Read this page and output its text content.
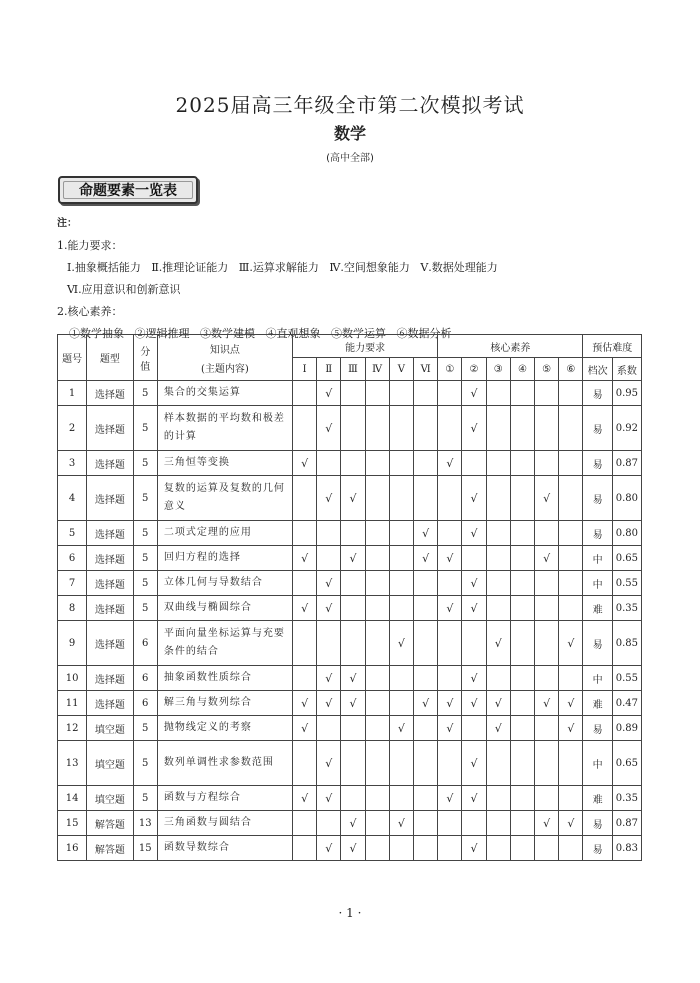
2025届高三年级全市第二次模拟考试
数学
(高中全部)
命题要素一览表
注：
1.能力要求：
Ⅰ.抽象概括能力   Ⅱ.推理论证能力   Ⅲ.运算求解能力   Ⅳ.空间想象能力   Ⅴ.数据处理能力
Ⅵ.应用意识和创新意识
2.核心素养：
①数学抽象   ②逻辑推理   ③数学建模   ④直观想象   ⑤数学运算   ⑥数据分析
题号	题型	分值	知识点
(主题内容)	能力要求						核心素养						预估难度	
				Ⅰ	Ⅱ	Ⅲ	Ⅳ	Ⅴ	Ⅵ	①	②	③	④	⑤	⑥	档次	系数
1	选择题	5	集合的交集运算		√						√					易	0.95
2	选择题	5	样本数据的平均数和极差的计算		√						√					易	0.92
3	选择题	5	三角恒等变换	√						√						易	0.87
4	选择题	5	复数的运算及复数的几何意义		√	√					√			√		易	0.80
5	选择题	5	二项式定理的应用						√		√					易	0.80
6	选择题	5	回归方程的选择	√		√			√	√				√		中	0.65
7	选择题	5	立体几何与导数结合		√						√					中	0.55
8	选择题	5	双曲线与椭圆综合	√	√					√	√					难	0.35
9	选择题	6	平面向量坐标运算与充要条件的结合					√				√			√	易	0.85
10	选择题	6	抽象函数性质综合		√	√					√					中	0.55
11	选择题	6	解三角与数列综合	√	√	√			√	√	√	√		√	√	难	0.47
12	填空题	5	抛物线定义的考察	√				√		√		√			√	易	0.89
13	填空题	5	数列单调性求参数范围		√						√					中	0.65
14	填空题	5	函数与方程综合	√	√					√	√					难	0.35
15	解答题	13	三角函数与圆结合			√		√						√	√	易	0.87
16	解答题	15	函数导数综合		√	√					√					易	0.83
· 1 ·
